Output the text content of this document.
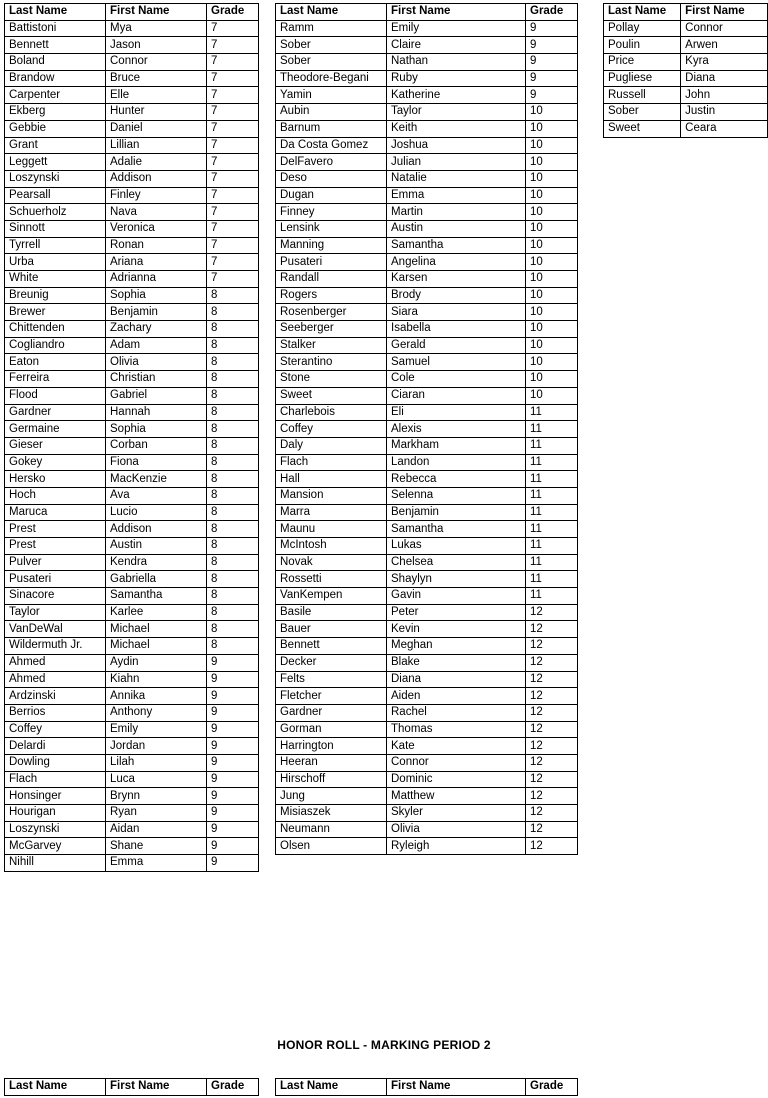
Last Name	First Name	Grade
Battistoni	Mya	7
Bennett	Jason	7
Boland	Connor	7
Brandow	Bruce	7
Carpenter	Elle	7
Ekberg	Hunter	7
Gebbie	Daniel	7
Grant	Lillian	7
Leggett	Adalie	7
Loszynski	Addison	7
Pearsall	Finley	7
Schuerholz	Nava	7
Sinnott	Veronica	7
Tyrrell	Ronan	7
Urba	Ariana	7
White	Adrianna	7
Breunig	Sophia	8
Brewer	Benjamin	8
Chittenden	Zachary	8
Cogliandro	Adam	8
Eaton	Olivia	8
Ferreira	Christian	8
Flood	Gabriel	8
Gardner	Hannah	8
Germaine	Sophia	8
Gieser	Corban	8
Gokey	Fiona	8
Hersko	MacKenzie	8
Hoch	Ava	8
Maruca	Lucio	8
Prest	Addison	8
Prest	Austin	8
Pulver	Kendra	8
Pusateri	Gabriella	8
Sinacore	Samantha	8
Taylor	Karlee	8
VanDeWal	Michael	8
Wildermuth Jr.	Michael	8
Ahmed	Aydin	9
Ahmed	Kiahn	9
Ardzinski	Annika	9
Berrios	Anthony	9
Coffey	Emily	9
Delardi	Jordan	9
Dowling	Lilah	9
Flach	Luca	9
Honsinger	Brynn	9
Hourigan	Ryan	9
Loszynski	Aidan	9
McGarvey	Shane	9
Nihill	Emma	9
Last Name	First Name	Grade
Ramm	Emily	9
Sober	Claire	9
Sober	Nathan	9
Theodore-Begani	Ruby	9
Yamin	Katherine	9
Aubin	Taylor	10
Barnum	Keith	10
Da Costa Gomez	Joshua	10
DelFavero	Julian	10
Deso	Natalie	10
Dugan	Emma	10
Finney	Martin	10
Lensink	Austin	10
Manning	Samantha	10
Pusateri	Angelina	10
Randall	Karsen	10
Rogers	Brody	10
Rosenberger	Siara	10
Seeberger	Isabella	10
Stalker	Gerald	10
Sterantino	Samuel	10
Stone	Cole	10
Sweet	Ciaran	10
Charlebois	Eli	11
Coffey	Alexis	11
Daly	Markham	11
Flach	Landon	11
Hall	Rebecca	11
Mansion	Selenna	11
Marra	Benjamin	11
Maunu	Samantha	11
McIntosh	Lukas	11
Novak	Chelsea	11
Rossetti	Shaylyn	11
VanKempen	Gavin	11
Basile	Peter	12
Bauer	Kevin	12
Bennett	Meghan	12
Decker	Blake	12
Felts	Diana	12
Fletcher	Aiden	12
Gardner	Rachel	12
Gorman	Thomas	12
Harrington	Kate	12
Heeran	Connor	12
Hirschoff	Dominic	12
Jung	Matthew	12
Misiaszek	Skyler	12
Neumann	Olivia	12
Olsen	Ryleigh	12
Last Name	First Name
Pollay	Connor
Poulin	Arwen
Price	Kyra
Pugliese	Diana
Russell	John
Sober	Justin
Sweet	Ceara
HONOR ROLL - MARKING PERIOD 2
Last Name	First Name	Grade	Last Name	First Name	Grade
